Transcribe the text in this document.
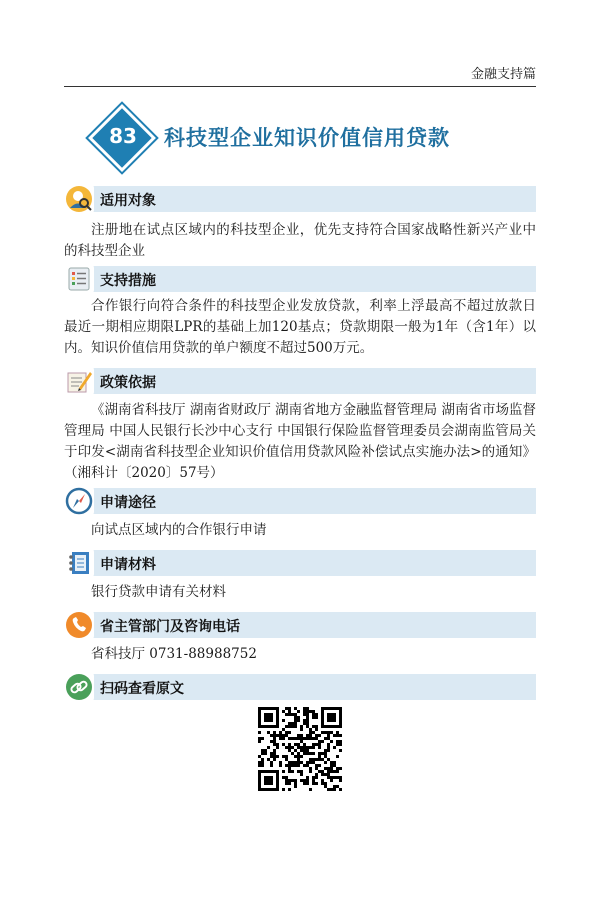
金融支持篇
83	科技型企业知识价值信用贷款
适用对象
注册地在试点区域内的科技型企业，优先支持符合国家战略性新兴产业中的科技型企业
支持措施
合作银行向符合条件的科技型企业发放贷款，利率上浮最高不超过放款日最近一期相应期限LPR的基础上加120基点；贷款期限一般为1年（含1年）以内。知识价值信用贷款的单户额度不超过500万元。
政策依据
《湖南省科技厅 湖南省财政厅 湖南省地方金融监督管理局 湖南省市场监督管理局 中国人民银行长沙中心支行 中国银行保险监督管理委员会湖南监管局关于印发<湖南省科技型企业知识价值信用贷款风险补偿试点实施办法>的通知》（湘科计〔2020〕57号）
申请途径
向试点区域内的合作银行申请
申请材料
银行贷款申请有关材料
省主管部门及咨询电话
省科技厅 0731-88988752
扫码查看原文
